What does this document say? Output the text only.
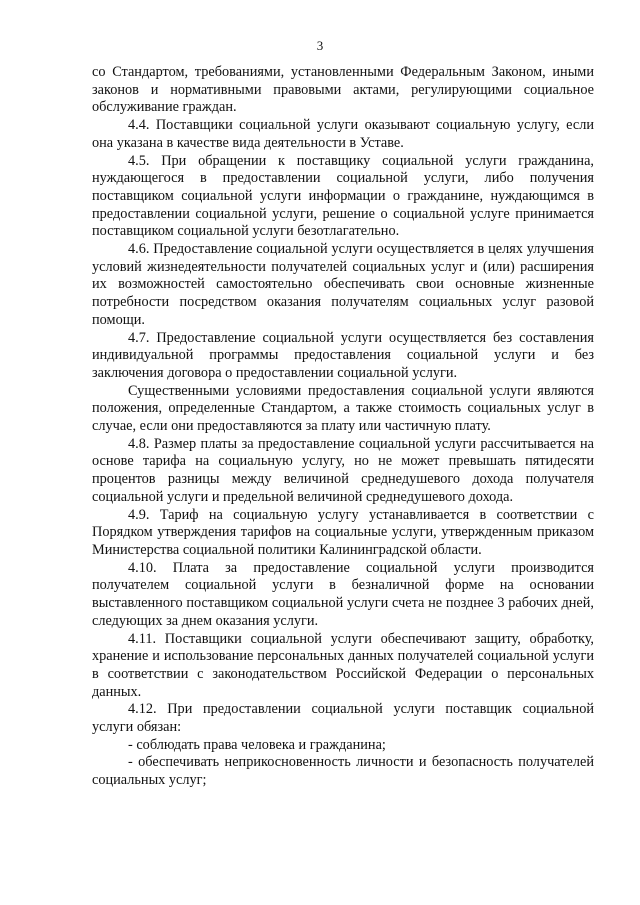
3

со Стандартом, требованиями, установленными Федеральным Законом, иными законов и нормативными правовыми актами, регулирующими социальное обслуживание граждан.

4.4. Поставщики социальной услуги оказывают социальную услугу, если она указана в качестве вида деятельности в Уставе.

4.5. При обращении к поставщику социальной услуги гражданина, нуждающегося в предоставлении социальной услуги, либо получения поставщиком социальной услуги информации о гражданине, нуждающимся в предоставлении социальной услуги, решение о социальной услуге принимается поставщиком социальной услуги безотлагательно.

4.6. Предоставление социальной услуги осуществляется в целях улучшения условий жизнедеятельности получателей социальных услуг и (или) расширения их возможностей самостоятельно обеспечивать свои основные жизненные потребности посредством оказания получателям социальных услуг разовой помощи.

4.7. Предоставление социальной услуги осуществляется без составления индивидуальной программы предоставления социальной услуги и без заключения договора о предоставлении социальной услуги.

Существенными условиями предоставления социальной услуги являются положения, определенные Стандартом, а также стоимость социальных услуг в случае, если они предоставляются за плату или частичную плату.

4.8. Размер платы за предоставление социальной услуги рассчитывается на основе тарифа на социальную услугу, но не может превышать пятидесяти процентов разницы между величиной среднедушевого дохода получателя социальной услуги и предельной величиной среднедушевого дохода.

4.9. Тариф на социальную услугу устанавливается в соответствии с Порядком утверждения тарифов на социальные услуги, утвержденным приказом Министерства социальной политики Калининградской области.

4.10. Плата за предоставление социальной услуги производится получателем социальной услуги в безналичной форме на основании выставленного поставщиком социальной услуги счета не позднее 3 рабочих дней, следующих за днем оказания услуги.

4.11. Поставщики социальной услуги обеспечивают защиту, обработку, хранение и использование персональных данных получателей социальной услуги в соответствии с законодательством Российской Федерации о персональных данных.

4.12. При предоставлении социальной услуги поставщик социальной услуги обязан:

- соблюдать права человека и гражданина;

- обеспечивать неприкосновенность личности и безопасность получателей социальных услуг;
